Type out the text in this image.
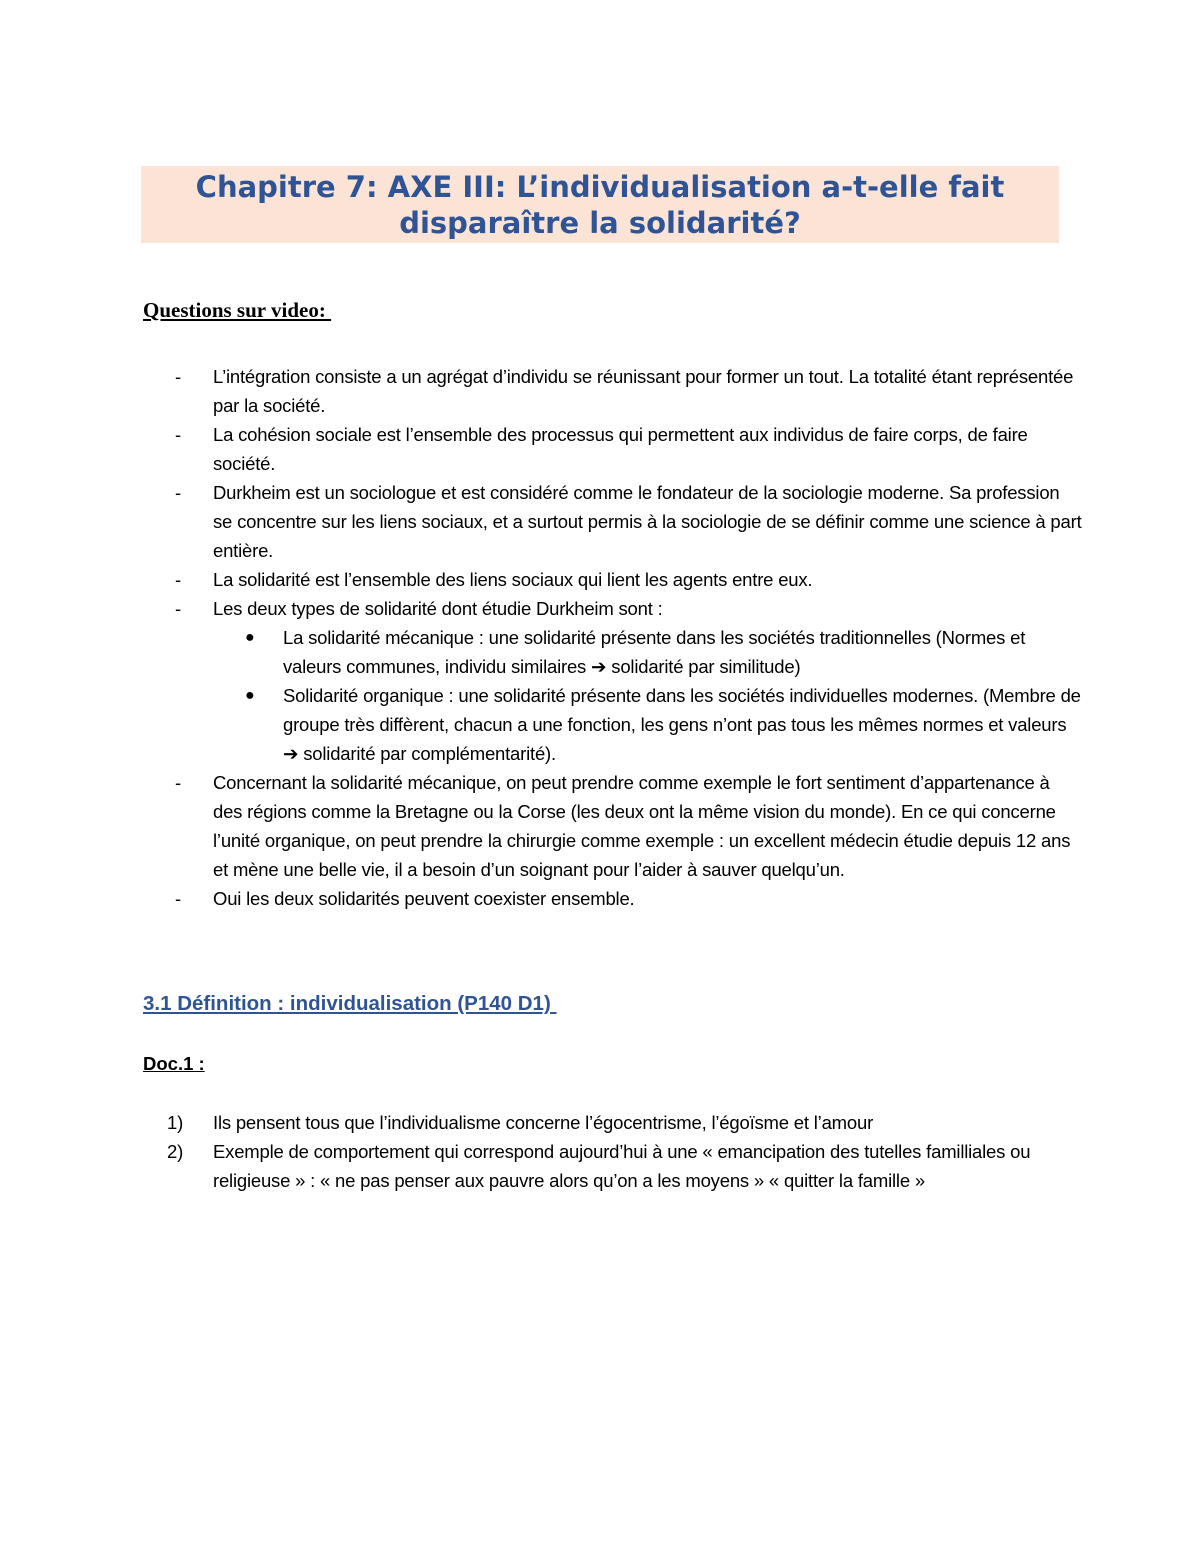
Chapitre 7: AXE III: L’individualisation a-t-elle fait
disparaître la solidarité?
Questions sur video:
- L’intégration consiste a un agrégat d’individu se réunissant pour former un tout. La totalité étant représentée par la société.
- La cohésion sociale est l’ensemble des processus qui permettent aux individus de faire corps, de faire société.
- Durkheim est un sociologue et est considéré comme le fondateur de la sociologie moderne. Sa profession se concentre sur les liens sociaux, et a surtout permis à la sociologie de se définir comme une science à part entière.
- La solidarité est l’ensemble des liens sociaux qui lient les agents entre eux.
- Les deux types de solidarité dont étudie Durkheim sont :
● La solidarité mécanique : une solidarité présente dans les sociétés traditionnelles (Normes et valeurs communes, individu similaires ➔ solidarité par similitude)
● Solidarité organique : une solidarité présente dans les sociétés individuelles modernes. (Membre de groupe très diffèrent, chacun a une fonction, les gens n’ont pas tous les mêmes normes et valeurs ➔ solidarité par complémentarité).
- Concernant la solidarité mécanique, on peut prendre comme exemple le fort sentiment d’appartenance à des régions comme la Bretagne ou la Corse (les deux ont la même vision du monde). En ce qui concerne l’unité organique, on peut prendre la chirurgie comme exemple : un excellent médecin étudie depuis 12 ans et mène une belle vie, il a besoin d’un soignant pour l’aider à sauver quelqu’un.
- Oui les deux solidarités peuvent coexister ensemble.
3.1 Définition : individualisation (P140 D1)
Doc.1 :
1) Ils pensent tous que l’individualisme concerne l’égocentrisme, l’égoïsme et l’amour
2) Exemple de comportement qui correspond aujourd’hui à une « emancipation des tutelles familliales ou religieuse » : « ne pas penser aux pauvre alors qu’on a les moyens » « quitter la famille »
